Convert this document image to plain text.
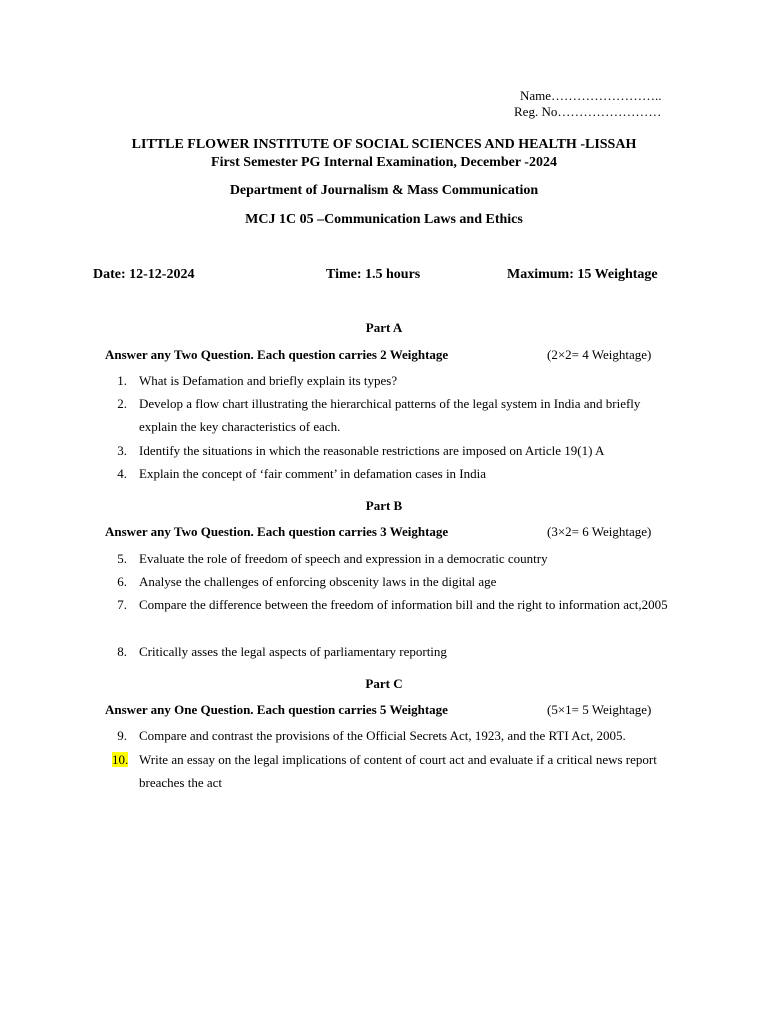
Name……………………..
Reg. No……………………
LITTLE FLOWER INSTITUTE OF SOCIAL SCIENCES AND HEALTH -LISSAH
First Semester PG Internal Examination, December -2024
Department of Journalism & Mass Communication
MCJ 1C 05 –Communication Laws and Ethics
Date: 12-12-2024	Time: 1.5 hours	Maximum: 15 Weightage
Part A
Answer any Two Question. Each question carries 2 Weightage	(2×2= 4 Weightage)
1. What is Defamation and briefly explain its types?
2. Develop a flow chart illustrating the hierarchical patterns of the legal system in India and briefly explain the key characteristics of each.
3. Identify the situations in which the reasonable restrictions are imposed on Article 19(1) A
4. Explain the concept of ‘fair comment’ in defamation cases in India
Part B
Answer any Two Question. Each question carries 3 Weightage	(3×2= 6 Weightage)
5. Evaluate the role of freedom of speech and expression in a democratic country
6. Analyse the challenges of enforcing obscenity laws in the digital age
7. Compare the difference between the freedom of information bill and the right to information act,2005
8. Critically asses the legal aspects of parliamentary reporting
Part C
Answer any One Question. Each question carries 5 Weightage	(5×1= 5 Weightage)
9. Compare and contrast the provisions of the Official Secrets Act, 1923, and the RTI Act, 2005.
10. Write an essay on the legal implications of content of court act and evaluate if a critical news report breaches the act
